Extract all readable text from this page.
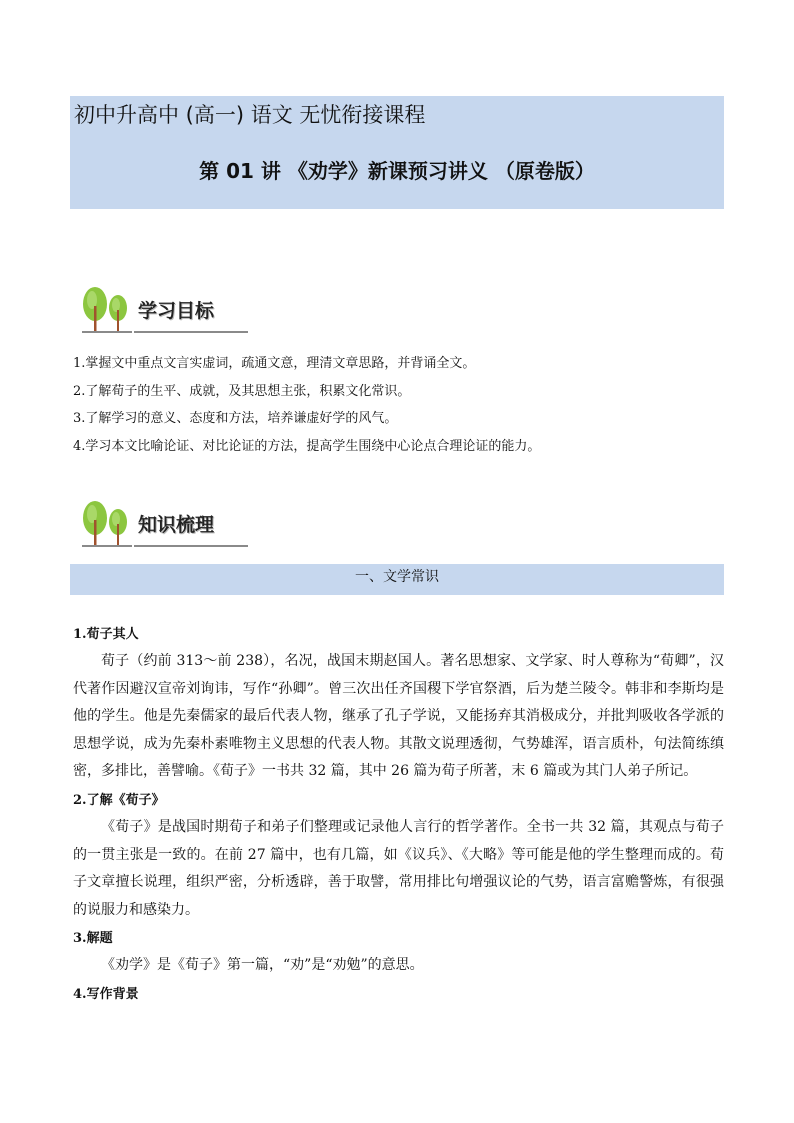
初中升高中 (高一) 语文 无忧衔接课程
第 01 讲 《劝学》新课预习讲义 （原卷版）
学习目标
1.掌握文中重点文言实虚词，疏通文意，理清文章思路，并背诵全文。
2.了解荀子的生平、成就，及其思想主张，积累文化常识。
3.了解学习的意义、态度和方法，培养谦虚好学的风气。
4.学习本文比喻论证、对比论证的方法，提高学生围绕中心论点合理论证的能力。
知识梳理
一、文学常识
1.荀子其人

荀子（约前 313～前 238），名况，战国末期赵国人。著名思想家、文学家、时人尊称为“荀卿”，汉代著作因避汉宣帝刘询讳，写作“孙卿”。曾三次出任齐国稷下学官祭酒，后为楚兰陵令。韩非和李斯均是他的学生。他是先秦儒家的最后代表人物，继承了孔子学说，又能扬弃其消极成分，并批判吸收各学派的思想学说，成为先秦朴素唯物主义思想的代表人物。其散文说理透彻，气势雄浑，语言质朴，句法简练缜密，多排比，善譬喻。《荀子》一书共 32 篇，其中 26 篇为荀子所著，末 6 篇或为其门人弟子所记。

2.了解《荀子》

《荀子》是战国时期荀子和弟子们整理或记录他人言行的哲学著作。全书一共 32 篇，其观点与荀子的一贯主张是一致的。在前 27 篇中，也有几篇，如《议兵》、《大略》等可能是他的学生整理而成的。荀子文章擅长说理，组织严密，分析透辟，善于取譬，常用排比句增强议论的气势，语言富赡警炼，有很强的说服力和感染力。

3.解题

《劝学》是《荀子》第一篇，“劝”是“劝勉”的意思。

4.写作背景
